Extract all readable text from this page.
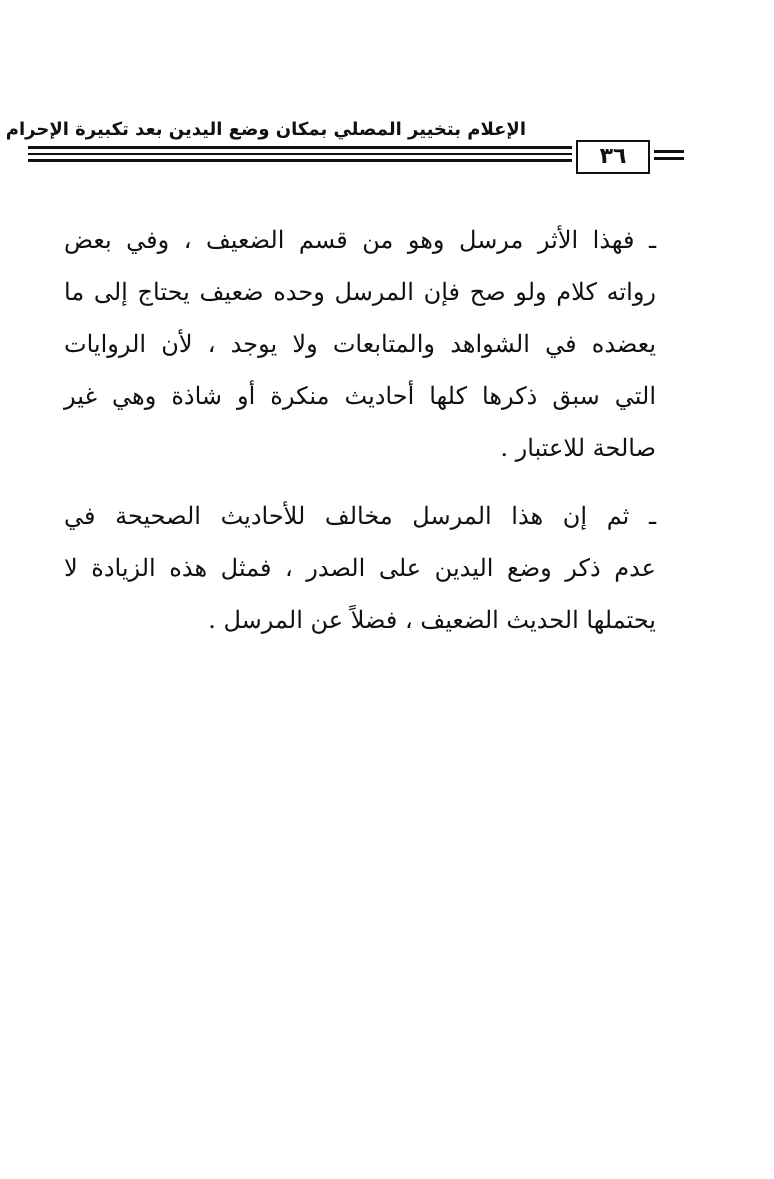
الإعلام بتخيير المصلي بمكان وضع اليدين بعد تكبيرة الإحرام
٣٦

ـ فهذا الأثر مرسل وهو من قسم الضعيف ، وفي بعض
رواته كلام ولو صح فإن المرسل وحده ضعيف يحتاج إلى ما
يعضده في الشواهد والمتابعات ولا يوجد ، لأن الروايات
التي سبق ذكرها كلها أحاديث منكرة أو شاذة وهي غير
صالحة للاعتبار .

ـ ثم إن هذا المرسل مخالف للأحاديث الصحيحة في
عدم ذكر وضع اليدين على الصدر ، فمثل هذه الزيادة لا
يحتملها الحديث الضعيف ، فضلاً عن المرسل .
